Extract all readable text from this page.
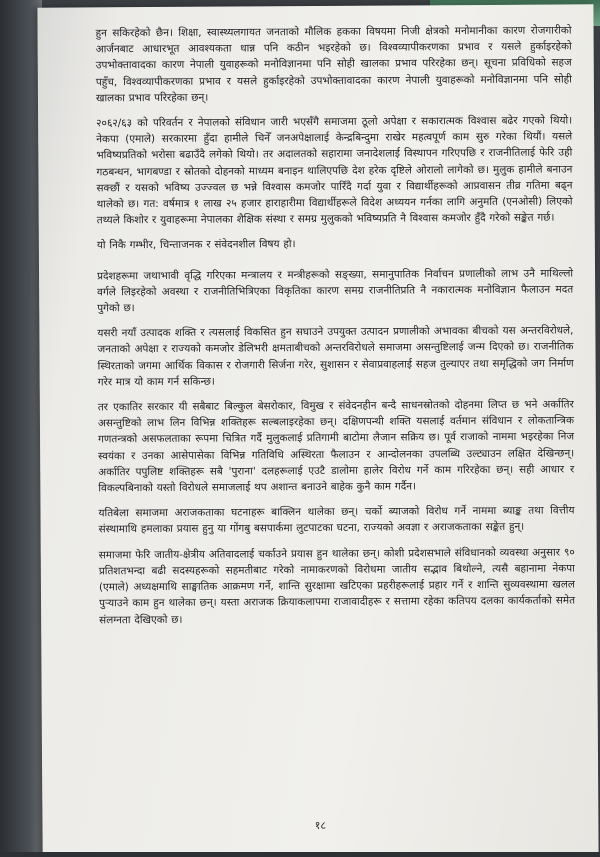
हुन सकिरहेको छैन। शिक्षा, स्वास्थ्यलगायत जनताको मौलिक हकका विषयमा निजी क्षेत्रको मनोमानीका कारण रोजगारीको आर्जनबाट आधारभूत आवश्यकता धान्न पनि कठीन भइरहेको छ। विश्वव्यापीकरणका प्रभाव र यसले हुर्काइरहेको उपभोक्तावादका कारण नेपाली युवाहरूको मनोविज्ञानमा पनि सोही खालका प्रभाव परिरहेका छन्। सूचना प्रविधिको सहज पहुँच, विश्वव्यापीकरणका प्रभाव र यसले हुर्काइरहेको उपभोक्तावादका कारण नेपाली युवाहरूको मनोविज्ञानमा पनि सोही खालका प्रभाव परिरहेका छन्।

२०६२/६३ को परिवर्तन र नेपालको संविधान जारी भएसँगै समाजमा ठूलो अपेक्षा र सकारात्मक विश्वास बढेर गएको थियो। नेकपा (एमाले) सरकारमा हुँदा हामीले चिनेँ जनअपेक्षालाई केन्द्रबिन्दुमा राखेर महत्वपूर्ण काम सुरु गरेका थियौं। यसले भविष्यप्रतिको भरोसा बढाउँदै लगेको थियो। तर अदालतको सहारामा जनादेशलाई विस्थापन गरिएपछि र राजनीतिलाई फेरि उही गठबन्धन, भागबण्डा र स्रोतको दोहनको माध्यम बनाइन थालिएपछि देश हरेक दृष्टिले ओरालो लागेको छ। मुलुक हामीले बनाउन सक्छौं र यसको भविष्य उज्ज्वल छ भन्ने विश्वास कमजोर पारिँदै गर्दा युवा र विद्यार्थीहरूको आप्रवासन तीव्र गतिमा बढ्न थालेको छ। गत: वर्षमात्र १ लाख २५ हजार हाराहारीमा विद्यार्थीहरूले विदेश अध्ययन गर्नका लागि अनुमति (एनओसी) लिएको तथ्यले किशोर र युवाहरूमा नेपालका शैक्षिक संस्था र समग्र मुलुकको भविष्यप्रति नै विश्वास कमजोर हुँदै गरेको सङ्केत गर्छ।

यो निकै गम्भीर, चिन्ताजनक र संवेदनशील विषय हो।

प्रदेशहरूमा जथाभावी वृद्धि गरिएका मन्त्रालय र मन्त्रीहरूको सङ्ख्या, समानुपातिक निर्वाचन प्रणालीको लाभ उनै माथिल्लो वर्गले लिइरहेको अवस्था र राजनीतिभित्रिएका विकृतिका कारण समग्र राजनीतिप्रति नै नकारात्मक मनोविज्ञान फैलाउन मदत पुगेको छ।

यसरी नयाँ उत्पादक शक्ति र त्यसलाई विकसित हुन सघाउने उपयुक्त उत्पादन प्रणालीको अभावका बीचको यस अन्तरविरोधले, जनताको अपेक्षा र राज्यको कमजोर डेलिभरी क्षमताबीचको अन्तरविरोधले समाजमा असन्तुष्टिलाई जन्म दिएको छ। राजनीतिक स्थिरताको जगमा आर्थिक विकास र रोजगारी सिर्जना गरेर, सुशासन र सेवाप्रवाहलाई सहज तुल्याएर तथा समृद्धिको जग निर्माण गरेर मात्र यो काम गर्न सकिन्छ।

तर एकातिर सरकार यी सबैबाट बिल्कुल बेसरोकार, विमुख र संवेदनहीन बन्दै साधनस्रोतको दोहनमा लिप्त छ भने अर्कातिर असन्तुष्टिको लाभ लिन विभिन्न शक्तिहरू सल्बलाइरहेका छन्। दक्षिणपन्थी शक्ति यसलाई वर्तमान संविधान र लोकतान्त्रिक गणतन्त्रको असफलताका रूपमा चित्रित गर्दै मुलुकलाई प्रतिगामी बाटोमा लैजान सक्रिय छ। पूर्व राजाको नाममा भइरहेका निज स्वयंका र उनका आसेपासेका विभिन्न गतिविधि अस्थिरता फैलाउन र आन्दोलनका उपलब्धि उल्ट्याउन लक्षित देखिन्छन्। अर्कातिर पपुलिष्ट शक्तिहरू सबै 'पुराना' दलहरूलाई एउटै डालोमा हालेर विरोध गर्ने काम गरिरहेका छन्। सही आधार र विकल्पबिनाको यस्तो विरोधले समाजलाई थप अशान्त बनाउने बाहेक कुनै काम गर्दैन।

यतिबेला समाजमा अराजकताका घटनाहरू बाक्लिन थालेका छन्। चर्को ब्याजको विरोध गर्ने नाममा ब्याङ्क तथा वित्तीय संस्थामाथि हमलाका प्रयास हुनु या गोंगबु बसपार्कमा लुटपाटका घटना, राज्यको अवज्ञा र अराजकताका सङ्केत हुन्।

समाजमा फेरि जातीय-क्षेत्रीय अतिवादलाई चर्काउने प्रयास हुन थालेका छन्। कोशी प्रदेशसभाले संविधानको व्यवस्था अनुसार ९० प्रतिशतभन्दा बढी सदस्यहरूको सहमतीबाट गरेको नामाकरणको विरोधमा जातीय सद्भाव बिथोल्ने, त्यसै बहानामा नेकपा (एमाले) अध्यक्षमाथि साङ्घातिक आक्रमण गर्ने, शान्ति सुरक्षामा खटिएका प्रहरीहरूलाई प्रहार गर्ने र शान्ति सुव्यवस्थामा खलल पुऱ्याउने काम हुन थालेका छन्। यस्ता अराजक क्रियाकलापमा राजावादीहरू र सत्तामा रहेका कतिपय दलका कार्यकर्ताको समेत संलग्नता देखिएको छ।

१८
